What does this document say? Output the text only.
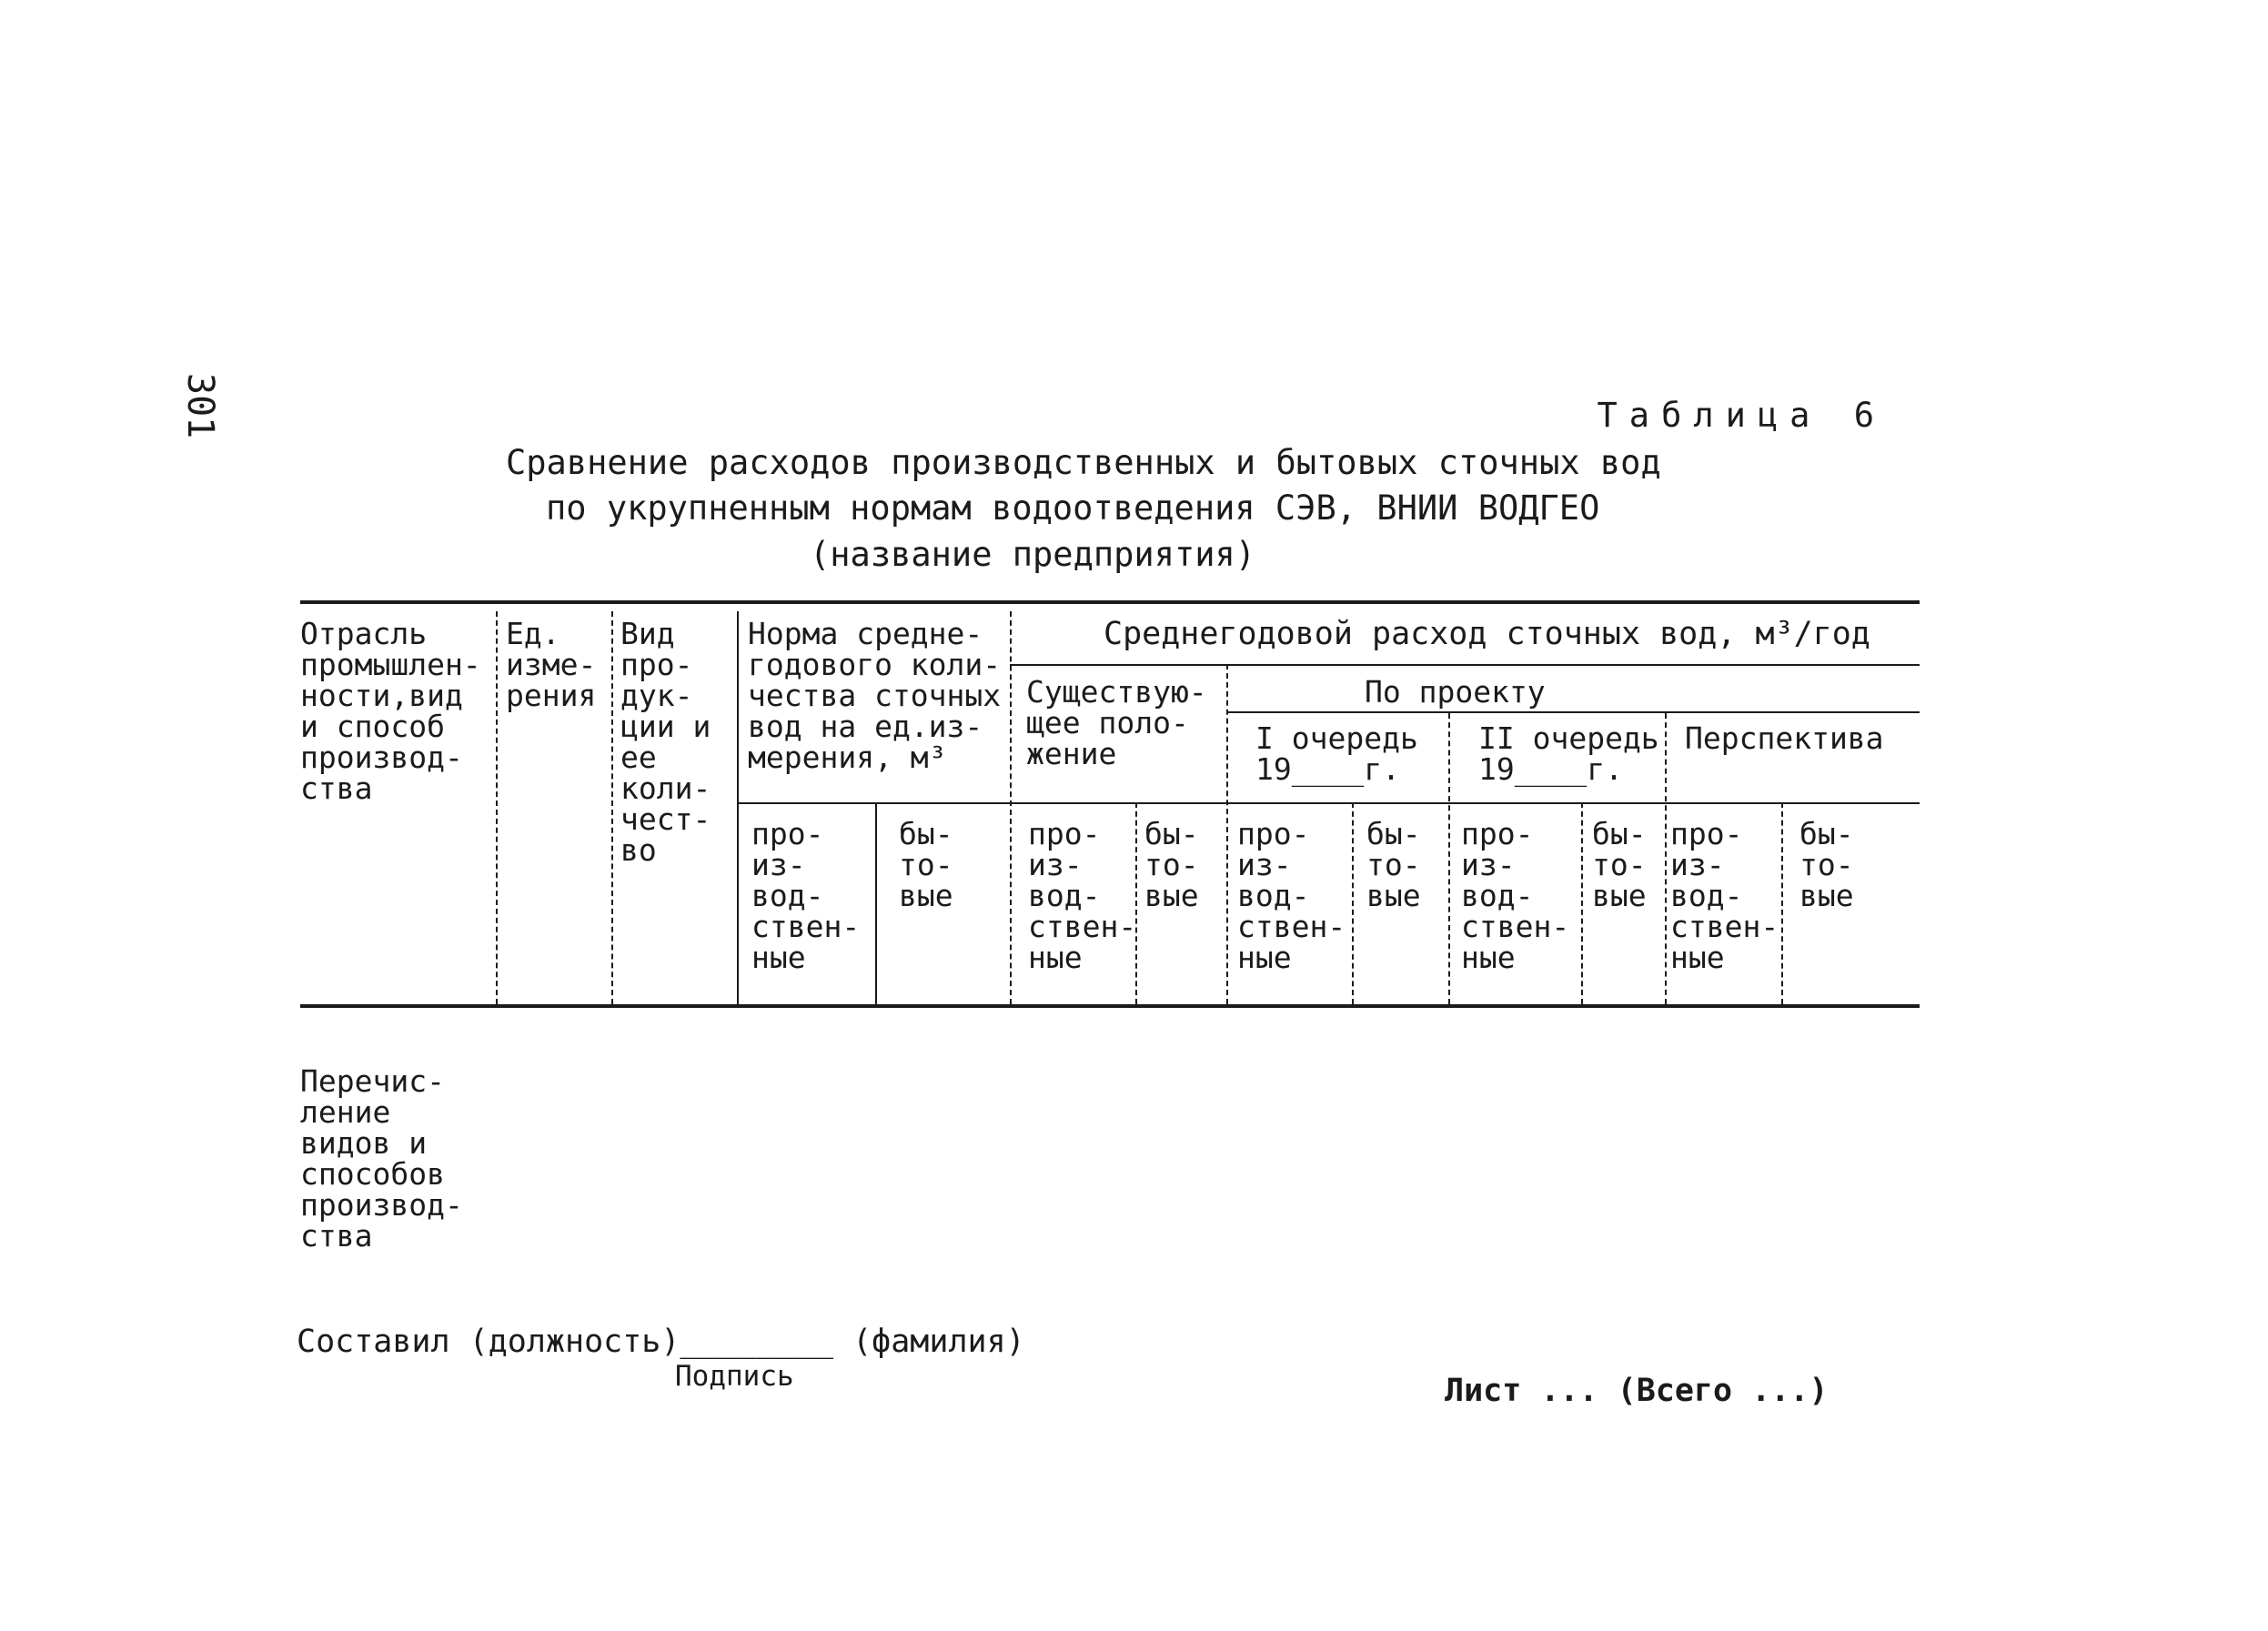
301	Таблица 6
Сравнение расходов производственных и бытовых сточных вод
по укрупненным нормам водоотведения СЭВ, ВНИИ ВОДГЕО
(название предприятия)
Отрасль
промышлен-
ности,вид
и способ
производ-
ства
Ед.
изме-
рения
Вид
про-
дук-
ции и
ее
коли-
чест-
во
Норма средне-
годового коли-
чества сточных
вод на ед.из-
мерения, м³
Среднегодовой расход сточных вод, м³/год
Существую-
щее поло-
жение
По проекту
I очередь
19____г.
II очередь
19____г.
Перспектива
про-
из-
вод-
ствен-
ные
бы-
то-
вые
про-
из-
вод-
ствен-
ные
бы-
то-
вые
про-
из-
вод-
ствен-
ные
бы-
то-
вые
про-
из-
вод-
ствен-
ные
бы-
то-
вые
про-
из-
вод-
ствен-
ные
бы-
то-
вые
Перечис-
ление
видов и
способов
производ-
ства
Составил (должность)________ (фамилия)
Подпись	Лист ... (Всего ...)
